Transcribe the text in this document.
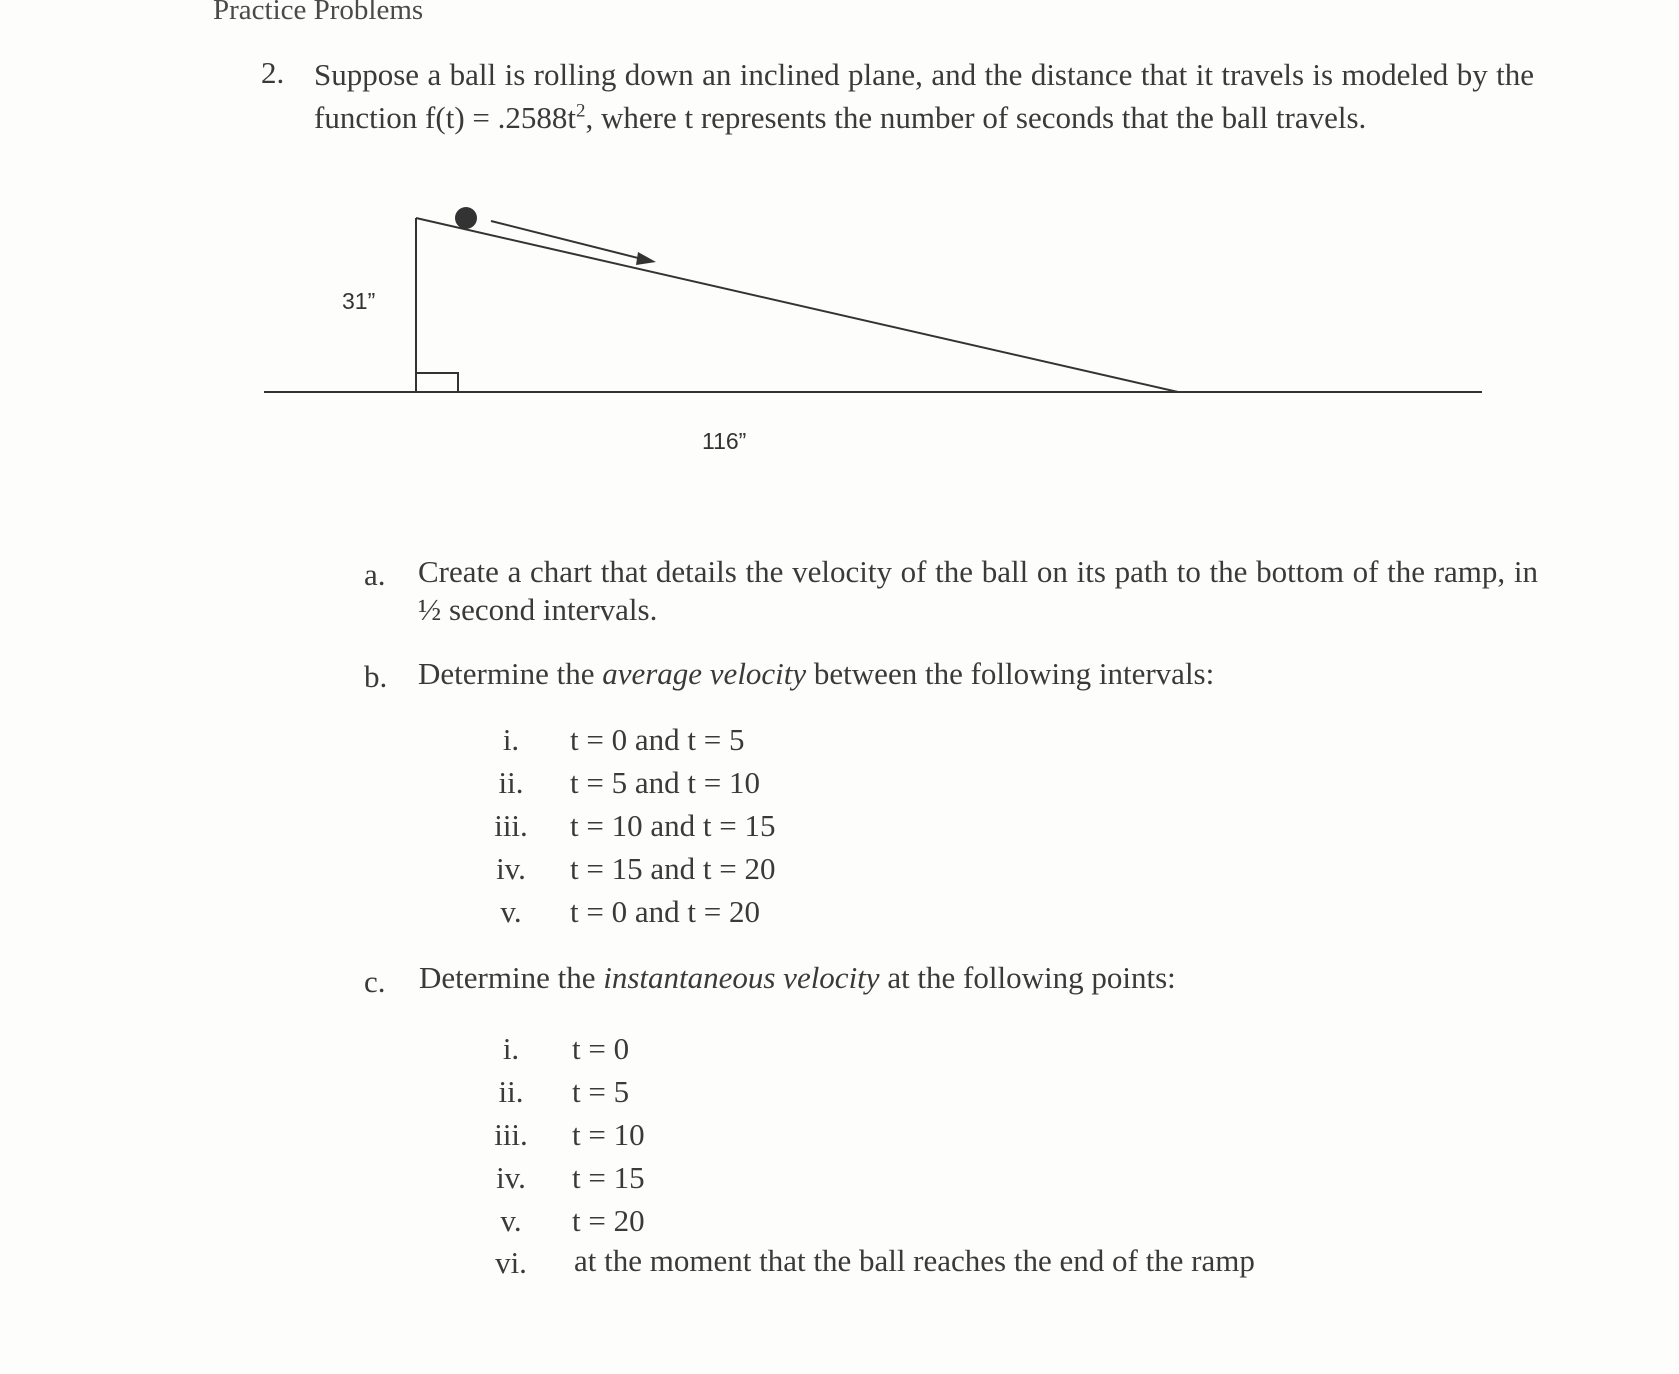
Practice Problems
2. Suppose a ball is rolling down an inclined plane, and the distance that it travels is modeled by the function $f(t) = .2588t^2$, where t represents the number of seconds that the ball travels.
31”
116”
a. Create a chart that details the velocity of the ball on its path to the bottom of the ramp, in ½ second intervals.
b. Determine the average velocity between the following intervals:
i.	t = 0 and t = 5
ii.	t = 5 and t = 10
iii.	t = 10 and t = 15
iv.	t = 15 and t = 20
v.	t = 0 and t = 20
c. Determine the instantaneous velocity at the following points:
i.	t = 0
ii.	t = 5
iii.	t = 10
iv.	t = 15
v.	t = 20
vi.	at the moment that the ball reaches the end of the ramp
